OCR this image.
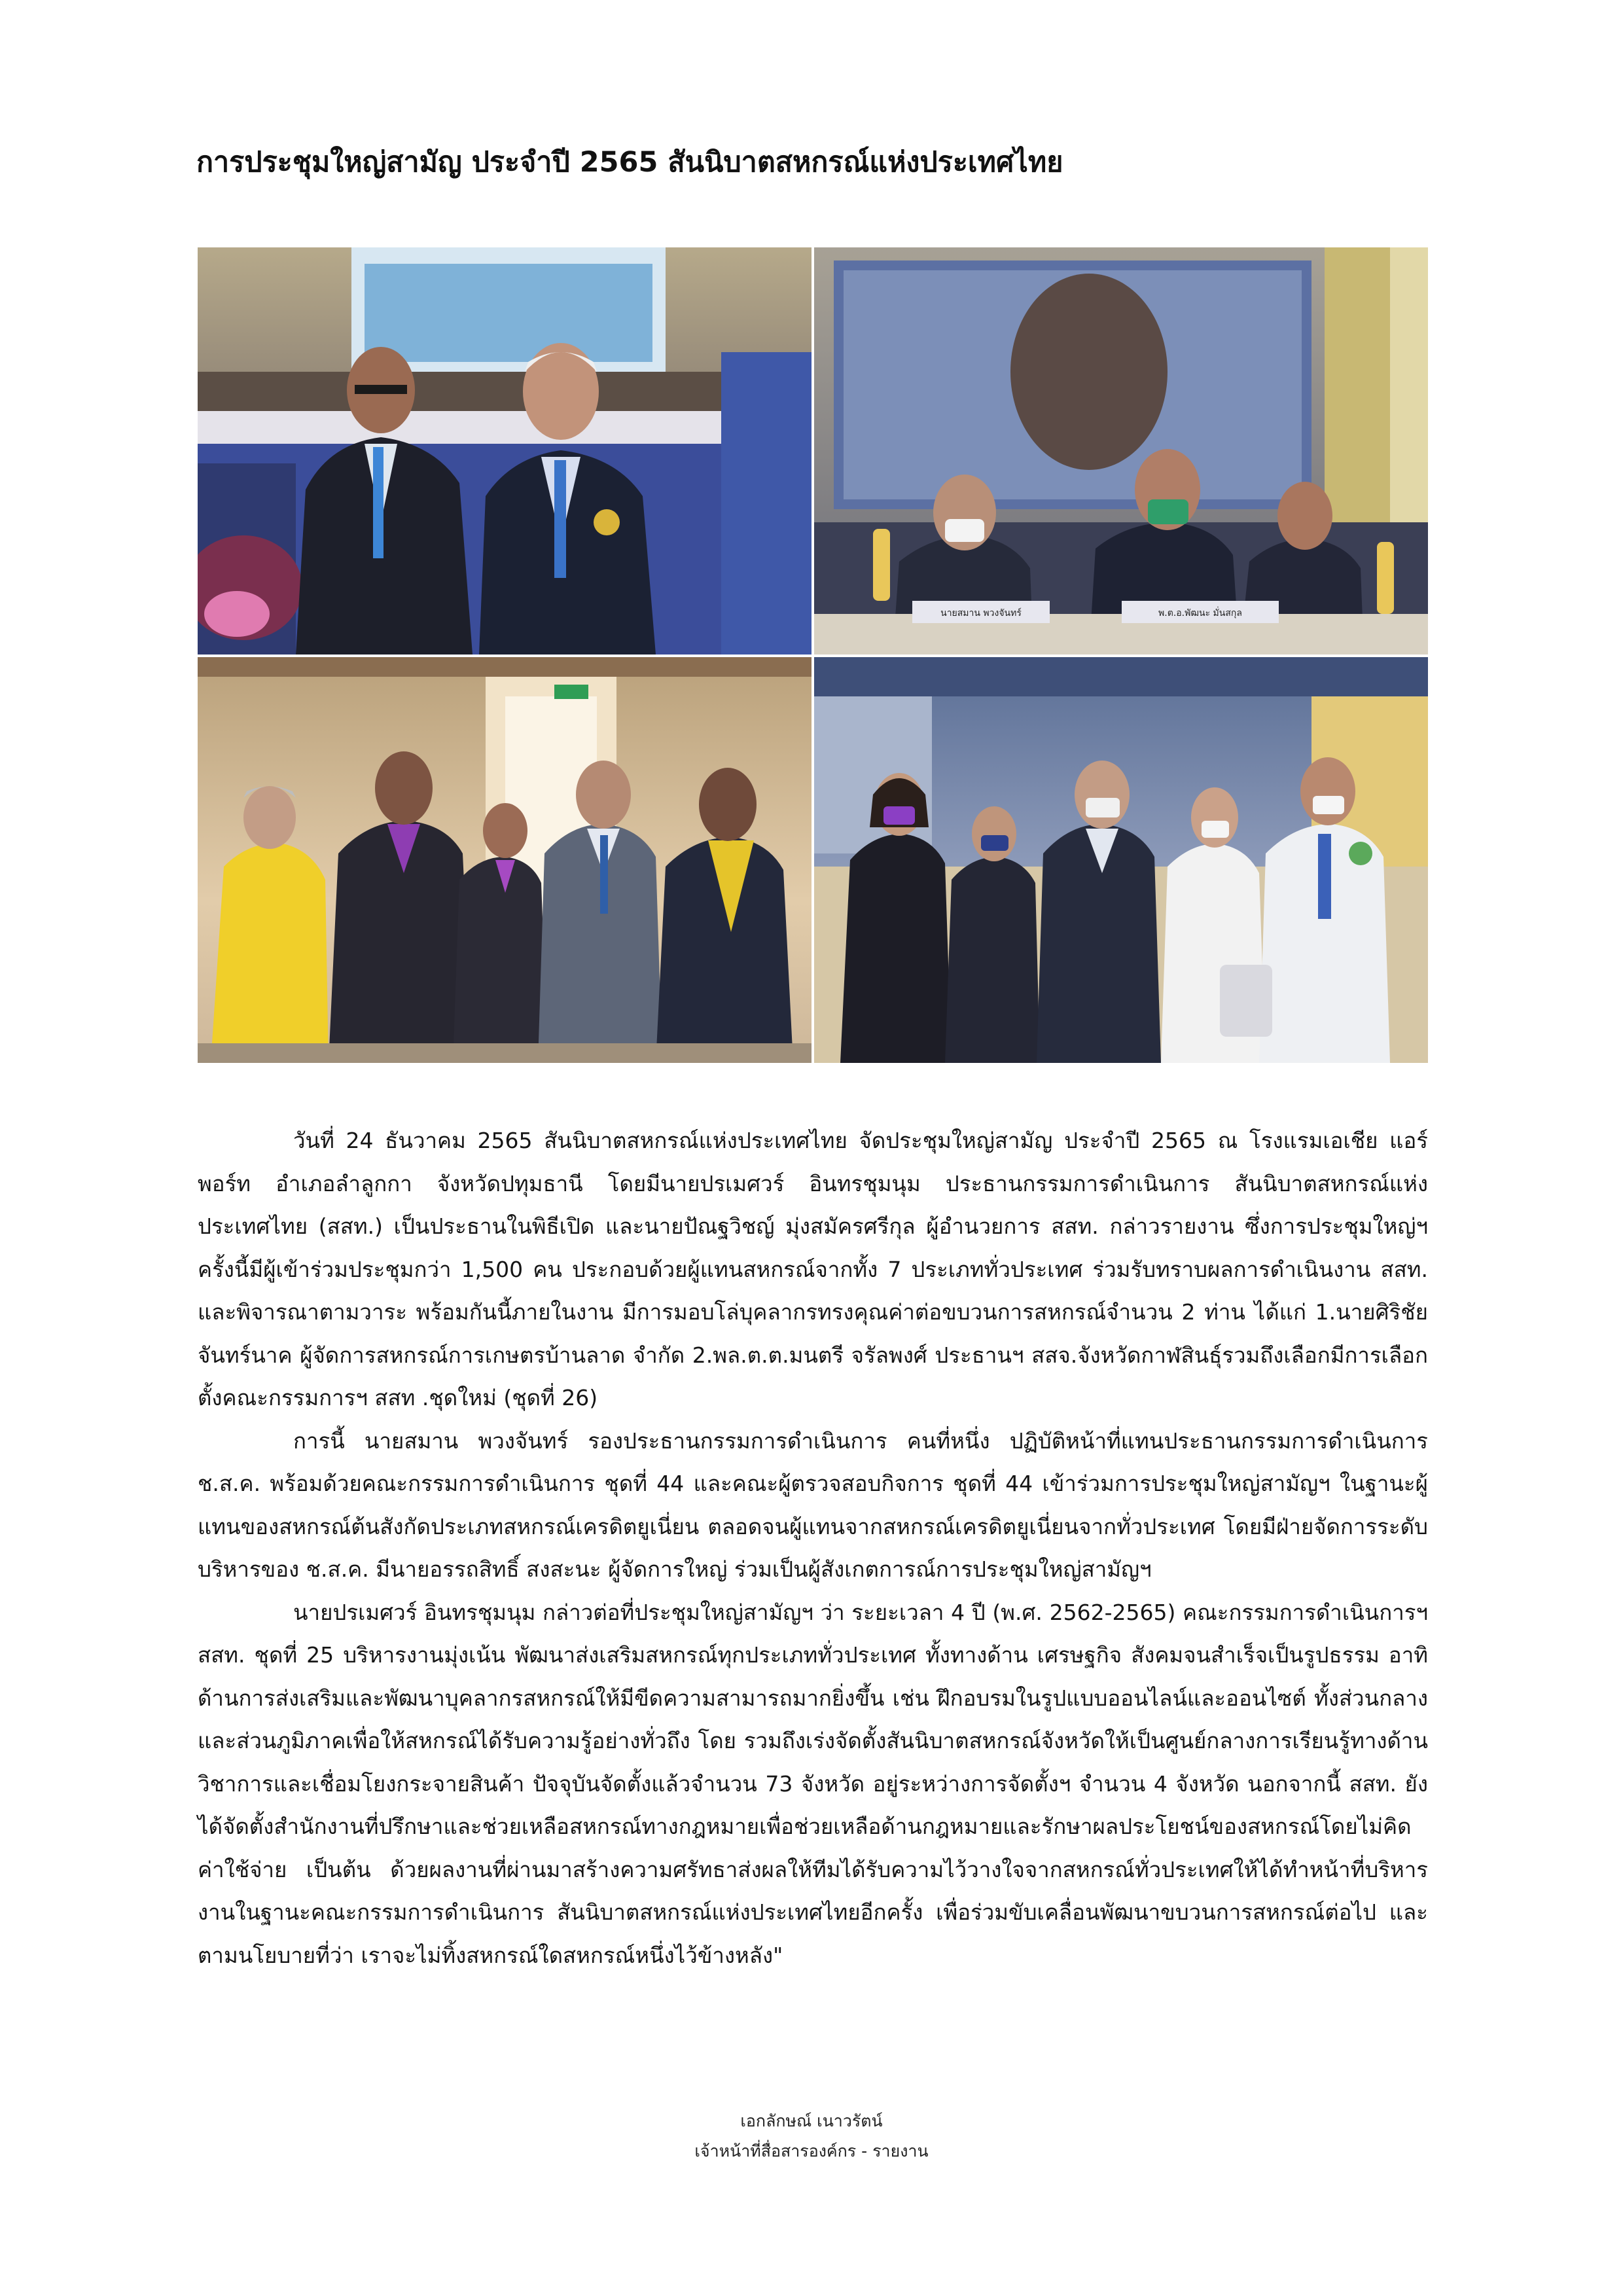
การประชุมใหญ่สามัญ ประจำปี 2565 สันนิบาตสหกรณ์แห่งประเทศไทย
นายสมาน พวงจันทร์	พ.ต.อ.พัฒนะ มั่นสกุล

วันที่ 24 ธันวาคม 2565 สันนิบาตสหกรณ์แห่งประเทศไทย จัดประชุมใหญ่สามัญ ประจำปี 2565 ณ โรงแรมเอเชีย แอร์พอร์ท อำเภอลำลูกกา จังหวัดปทุมธานี โดยมีนายปรเมศวร์ อินทรชุมนุม ประธานกรรมการดำเนินการ สันนิบาตสหกรณ์แห่งประเทศไทย (สสท.) เป็นประธานในพิธีเปิด และนายปัณฐวิชญ์ มุ่งสมัครศรีกุล ผู้อำนวยการ สสท. กล่าวรายงาน ซึ่งการประชุมใหญ่ฯ ครั้งนี้มีผู้เข้าร่วมประชุมกว่า 1,500 คน ประกอบด้วยผู้แทนสหกรณ์จากทั้ง 7 ประเภททั่วประเทศ ร่วมรับทราบผลการดำเนินงาน สสท. และพิจารณาตามวาระ พร้อมกันนี้ภายในงาน มีการมอบโล่บุคลากรทรงคุณค่าต่อขบวนการสหกรณ์จำนวน 2 ท่าน ได้แก่ 1.นายศิริชัย จันทร์นาค ผู้จัดการสหกรณ์การเกษตรบ้านลาด จำกัด 2.พล.ต.ต.มนตรี จรัลพงศ์ ประธานฯ สสจ.จังหวัดกาฬสินธุ์รวมถึงเลือกมีการเลือกตั้งคณะกรรมการฯ สสท .ชุดใหม่ (ชุดที่ 26)

การนี้ นายสมาน พวงจันทร์ รองประธานกรรมการดำเนินการ คนที่หนึ่ง ปฏิบัติหน้าที่แทนประธานกรรมการดำเนินการ ช.ส.ค. พร้อมด้วยคณะกรรมการดำเนินการ ชุดที่ 44 และคณะผู้ตรวจสอบกิจการ ชุดที่ 44 เข้าร่วมการประชุมใหญ่สามัญฯ ในฐานะผู้แทนของสหกรณ์ต้นสังกัดประเภทสหกรณ์เครดิตยูเนี่ยน ตลอดจนผู้แทนจากสหกรณ์เครดิตยูเนี่ยนจากทั่วประเทศ โดยมีฝ่ายจัดการระดับบริหารของ ช.ส.ค. มีนายอรรถสิทธิ์ สงสะนะ ผู้จัดการใหญ่ ร่วมเป็นผู้สังเกตการณ์การประชุมใหญ่สามัญฯ

นายปรเมศวร์ อินทรชุมนุม กล่าวต่อที่ประชุมใหญ่สามัญฯ ว่า ระยะเวลา 4 ปี (พ.ศ. 2562-2565) คณะกรรมการดำเนินการฯ สสท. ชุดที่ 25 บริหารงานมุ่งเน้น พัฒนาส่งเสริมสหกรณ์ทุกประเภททั่วประเทศ ทั้งทางด้าน เศรษฐกิจ สังคมจนสำเร็จเป็นรูปธรรม อาทิ ด้านการส่งเสริมและพัฒนาบุคลากรสหกรณ์ให้มีขีดความสามารถมากยิ่งขึ้น เช่น ฝึกอบรมในรูปแบบออนไลน์และออนไซต์ ทั้งส่วนกลางและส่วนภูมิภาคเพื่อให้สหกรณ์ได้รับความรู้อย่างทั่วถึง โดย รวมถึงเร่งจัดตั้งสันนิบาตสหกรณ์จังหวัดให้เป็นศูนย์กลางการเรียนรู้ทางด้านวิชาการและเชื่อมโยงกระจายสินค้า ปัจจุบันจัดตั้งแล้วจำนวน 73 จังหวัด อยู่ระหว่างการจัดตั้งฯ จำนวน 4 จังหวัด นอกจากนี้ สสท. ยังได้จัดตั้งสำนักงานที่ปรึกษาและช่วยเหลือสหกรณ์ทางกฎหมายเพื่อช่วยเหลือด้านกฎหมายและรักษาผลประโยชน์ของสหกรณ์โดยไม่คิดค่าใช้จ่าย เป็นต้น ด้วยผลงานที่ผ่านมาสร้างความศรัทธาส่งผลให้ทีมได้รับความไว้วางใจจากสหกรณ์ทั่วประเทศให้ได้ทำหน้าที่บริหารงานในฐานะคณะกรรมการดำเนินการ สันนิบาตสหกรณ์แห่งประเทศไทยอีกครั้ง เพื่อร่วมขับเคลื่อนพัฒนาขบวนการสหกรณ์ต่อไป และตามนโยบายที่ว่า เราจะไม่ทิ้งสหกรณ์ใดสหกรณ์หนึ่งไว้ข้างหลัง"

เอกลักษณ์ เนาวรัตน์
เจ้าหน้าที่สื่อสารองค์กร - รายงาน
